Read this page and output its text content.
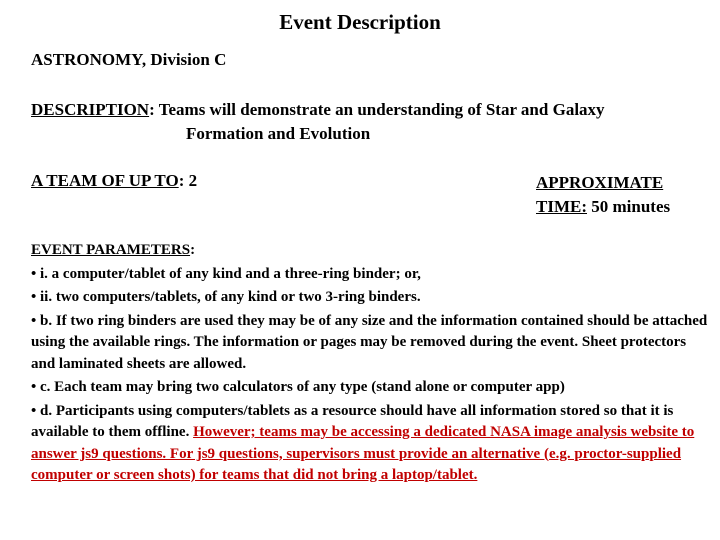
Event Description
ASTRONOMY, Division C
DESCRIPTION: Teams will demonstrate an understanding of Star and Galaxy
Formation and Evolution
A TEAM OF UP TO: 2	APPROXIMATE
TIME: 50 minutes

EVENT PARAMETERS:

• i. a computer/tablet of any kind and a three-ring binder; or,

• ii. two computers/tablets, of any kind or two 3-ring binders.

• b. If two ring binders are used they may be of any size and the information contained should be attached using the available rings. The information or pages may be removed during the event. Sheet protectors and laminated sheets are allowed.

• c. Each team may bring two calculators of any type (stand alone or computer app)

• d. Participants using computers/tablets as a resource should have all information stored so that it is available to them offline. However; teams may be accessing a dedicated NASA image analysis website to answer js9 questions. For js9 questions, supervisors must provide an alternative (e.g. proctor-supplied computer or screen shots) for teams that did not bring a laptop/tablet.
